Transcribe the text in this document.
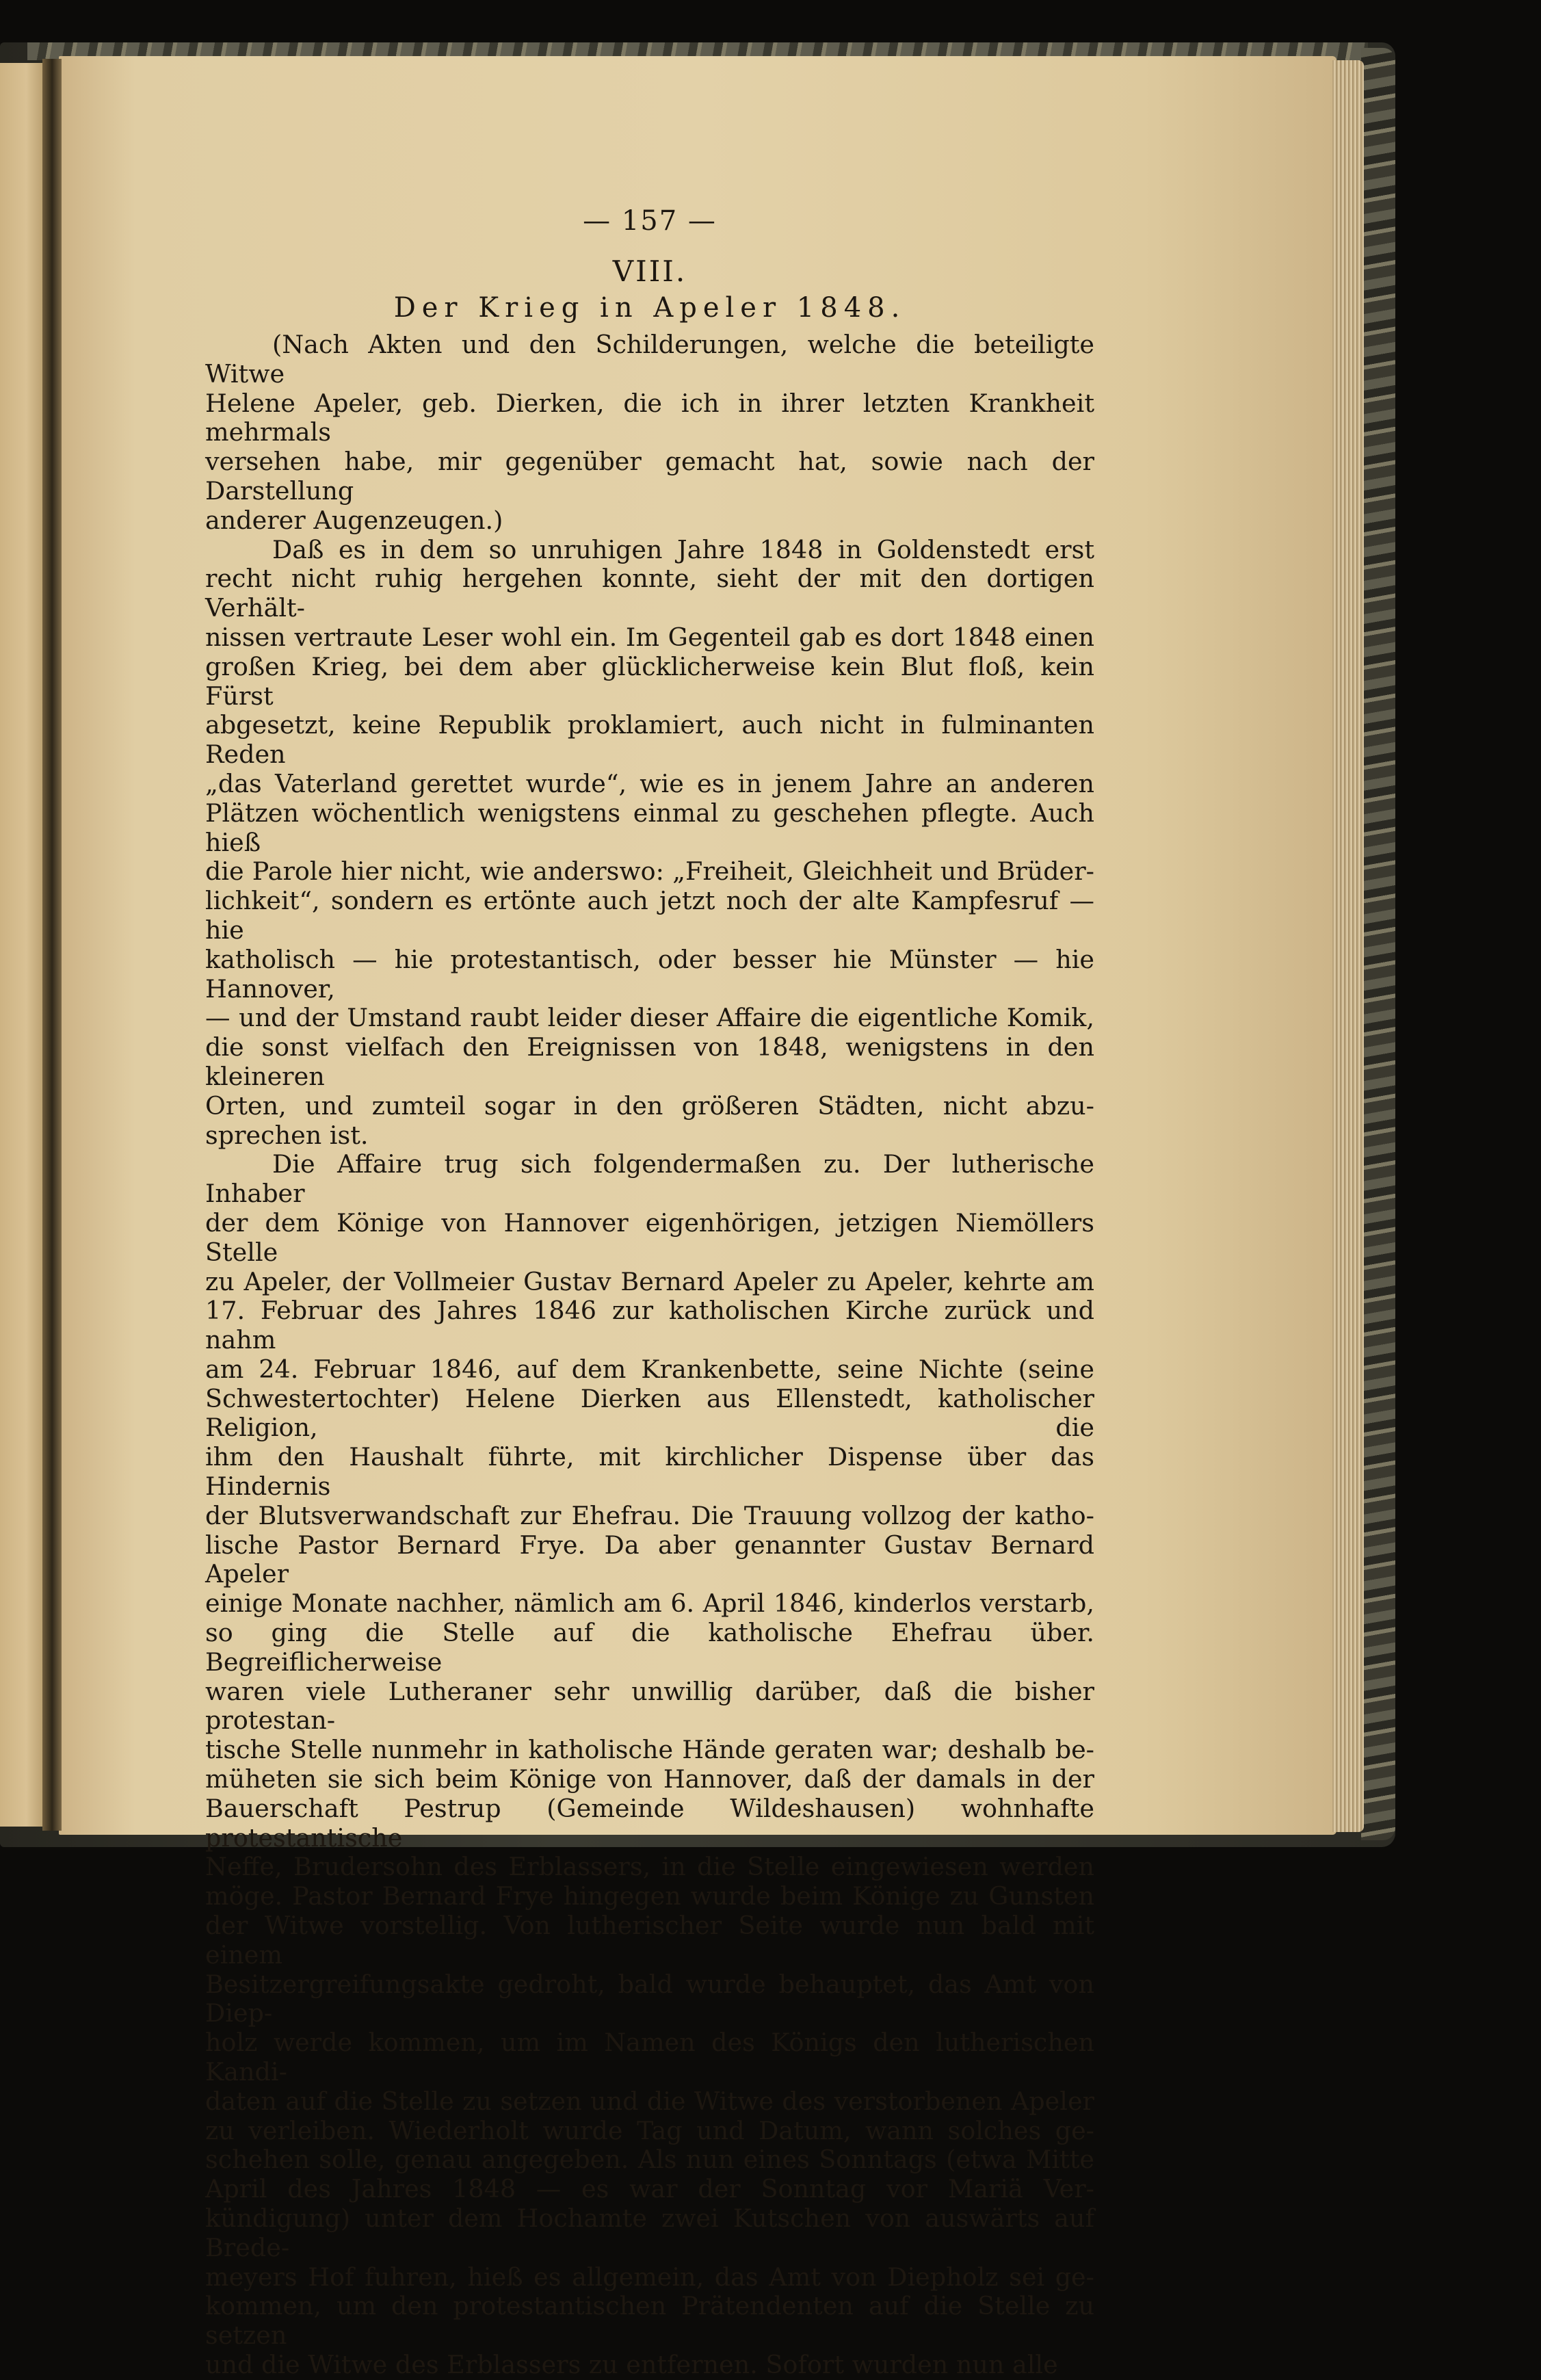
— 157 —
VIII.
Der Krieg in Apeler 1848.

(Nach Akten und den Schilderungen, welche die beteiligte Witwe
Helene Apeler, geb. Dierken, die ich in ihrer letzten Krankheit mehrmals
versehen habe, mir gegenüber gemacht hat, sowie nach der Darstellung
anderer Augenzeugen.)

Daß es in dem so unruhigen Jahre 1848 in Goldenstedt erst
recht nicht ruhig hergehen konnte, sieht der mit den dortigen Verhält-
nissen vertraute Leser wohl ein. Im Gegenteil gab es dort 1848 einen
großen Krieg, bei dem aber glücklicherweise kein Blut floß, kein Fürst
abgesetzt, keine Republik proklamiert, auch nicht in fulminanten Reden
„das Vaterland gerettet wurde“, wie es in jenem Jahre an anderen
Plätzen wöchentlich wenigstens einmal zu geschehen pflegte. Auch hieß
die Parole hier nicht, wie anderswo: „Freiheit, Gleichheit und Brüder-
lichkeit“, sondern es ertönte auch jetzt noch der alte Kampfesruf — hie
katholisch — hie protestantisch, oder besser hie Münster — hie Hannover,
— und der Umstand raubt leider dieser Affaire die eigentliche Komik,
die sonst vielfach den Ereignissen von 1848, wenigstens in den kleineren
Orten, und zumteil sogar in den größeren Städten, nicht abzu-
sprechen ist.

Die Affaire trug sich folgendermaßen zu. Der lutherische Inhaber
der dem Könige von Hannover eigenhörigen, jetzigen Niemöllers Stelle
zu Apeler, der Vollmeier Gustav Bernard Apeler zu Apeler, kehrte am
17. Februar des Jahres 1846 zur katholischen Kirche zurück und nahm
am 24. Februar 1846, auf dem Krankenbette, seine Nichte (seine
Schwestertochter) Helene Dierken aus Ellenstedt, katholischer Religion, die
ihm den Haushalt führte, mit kirchlicher Dispense über das Hindernis
der Blutsverwandschaft zur Ehefrau. Die Trauung vollzog der katho-
lische Pastor Bernard Frye. Da aber genannter Gustav Bernard Apeler
einige Monate nachher, nämlich am 6. April 1846, kinderlos verstarb,
so ging die Stelle auf die katholische Ehefrau über. Begreiflicherweise
waren viele Lutheraner sehr unwillig darüber, daß die bisher protestan-
tische Stelle nunmehr in katholische Hände geraten war; deshalb be-
müheten sie sich beim Könige von Hannover, daß der damals in der
Bauerschaft Pestrup (Gemeinde Wildeshausen) wohnhafte protestantische
Neffe, Brudersohn des Erblassers, in die Stelle eingewiesen werden
möge. Pastor Bernard Frye hingegen wurde beim Könige zu Gunsten
der Witwe vorstellig. Von lutherischer Seite wurde nun bald mit einem
Besitzergreifungsakte gedroht, bald wurde behauptet, das Amt von Diep-
holz werde kommen, um im Namen des Königs den lutherischen Kandi-
daten auf die Stelle zu setzen und die Witwe des verstorbenen Apeler
zu verleiben. Wiederholt wurde Tag und Datum, wann solches ge-
schehen solle, genau angegeben. Als nun eines Sonntags (etwa Mitte
April des Jahres 1848 — es war der Sonntag vor Mariä Ver-
kündigung) unter dem Hochamte zwei Kutschen von auswärts auf Brede-
meyers Hof fuhren, hieß es allgemein, das Amt von Diepholz sei ge-
kommen, um den protestantischen Prätendenten auf die Stelle zu setzen
und die Witwe des Erblassers zu entfernen. Sofort wurden nun alle
